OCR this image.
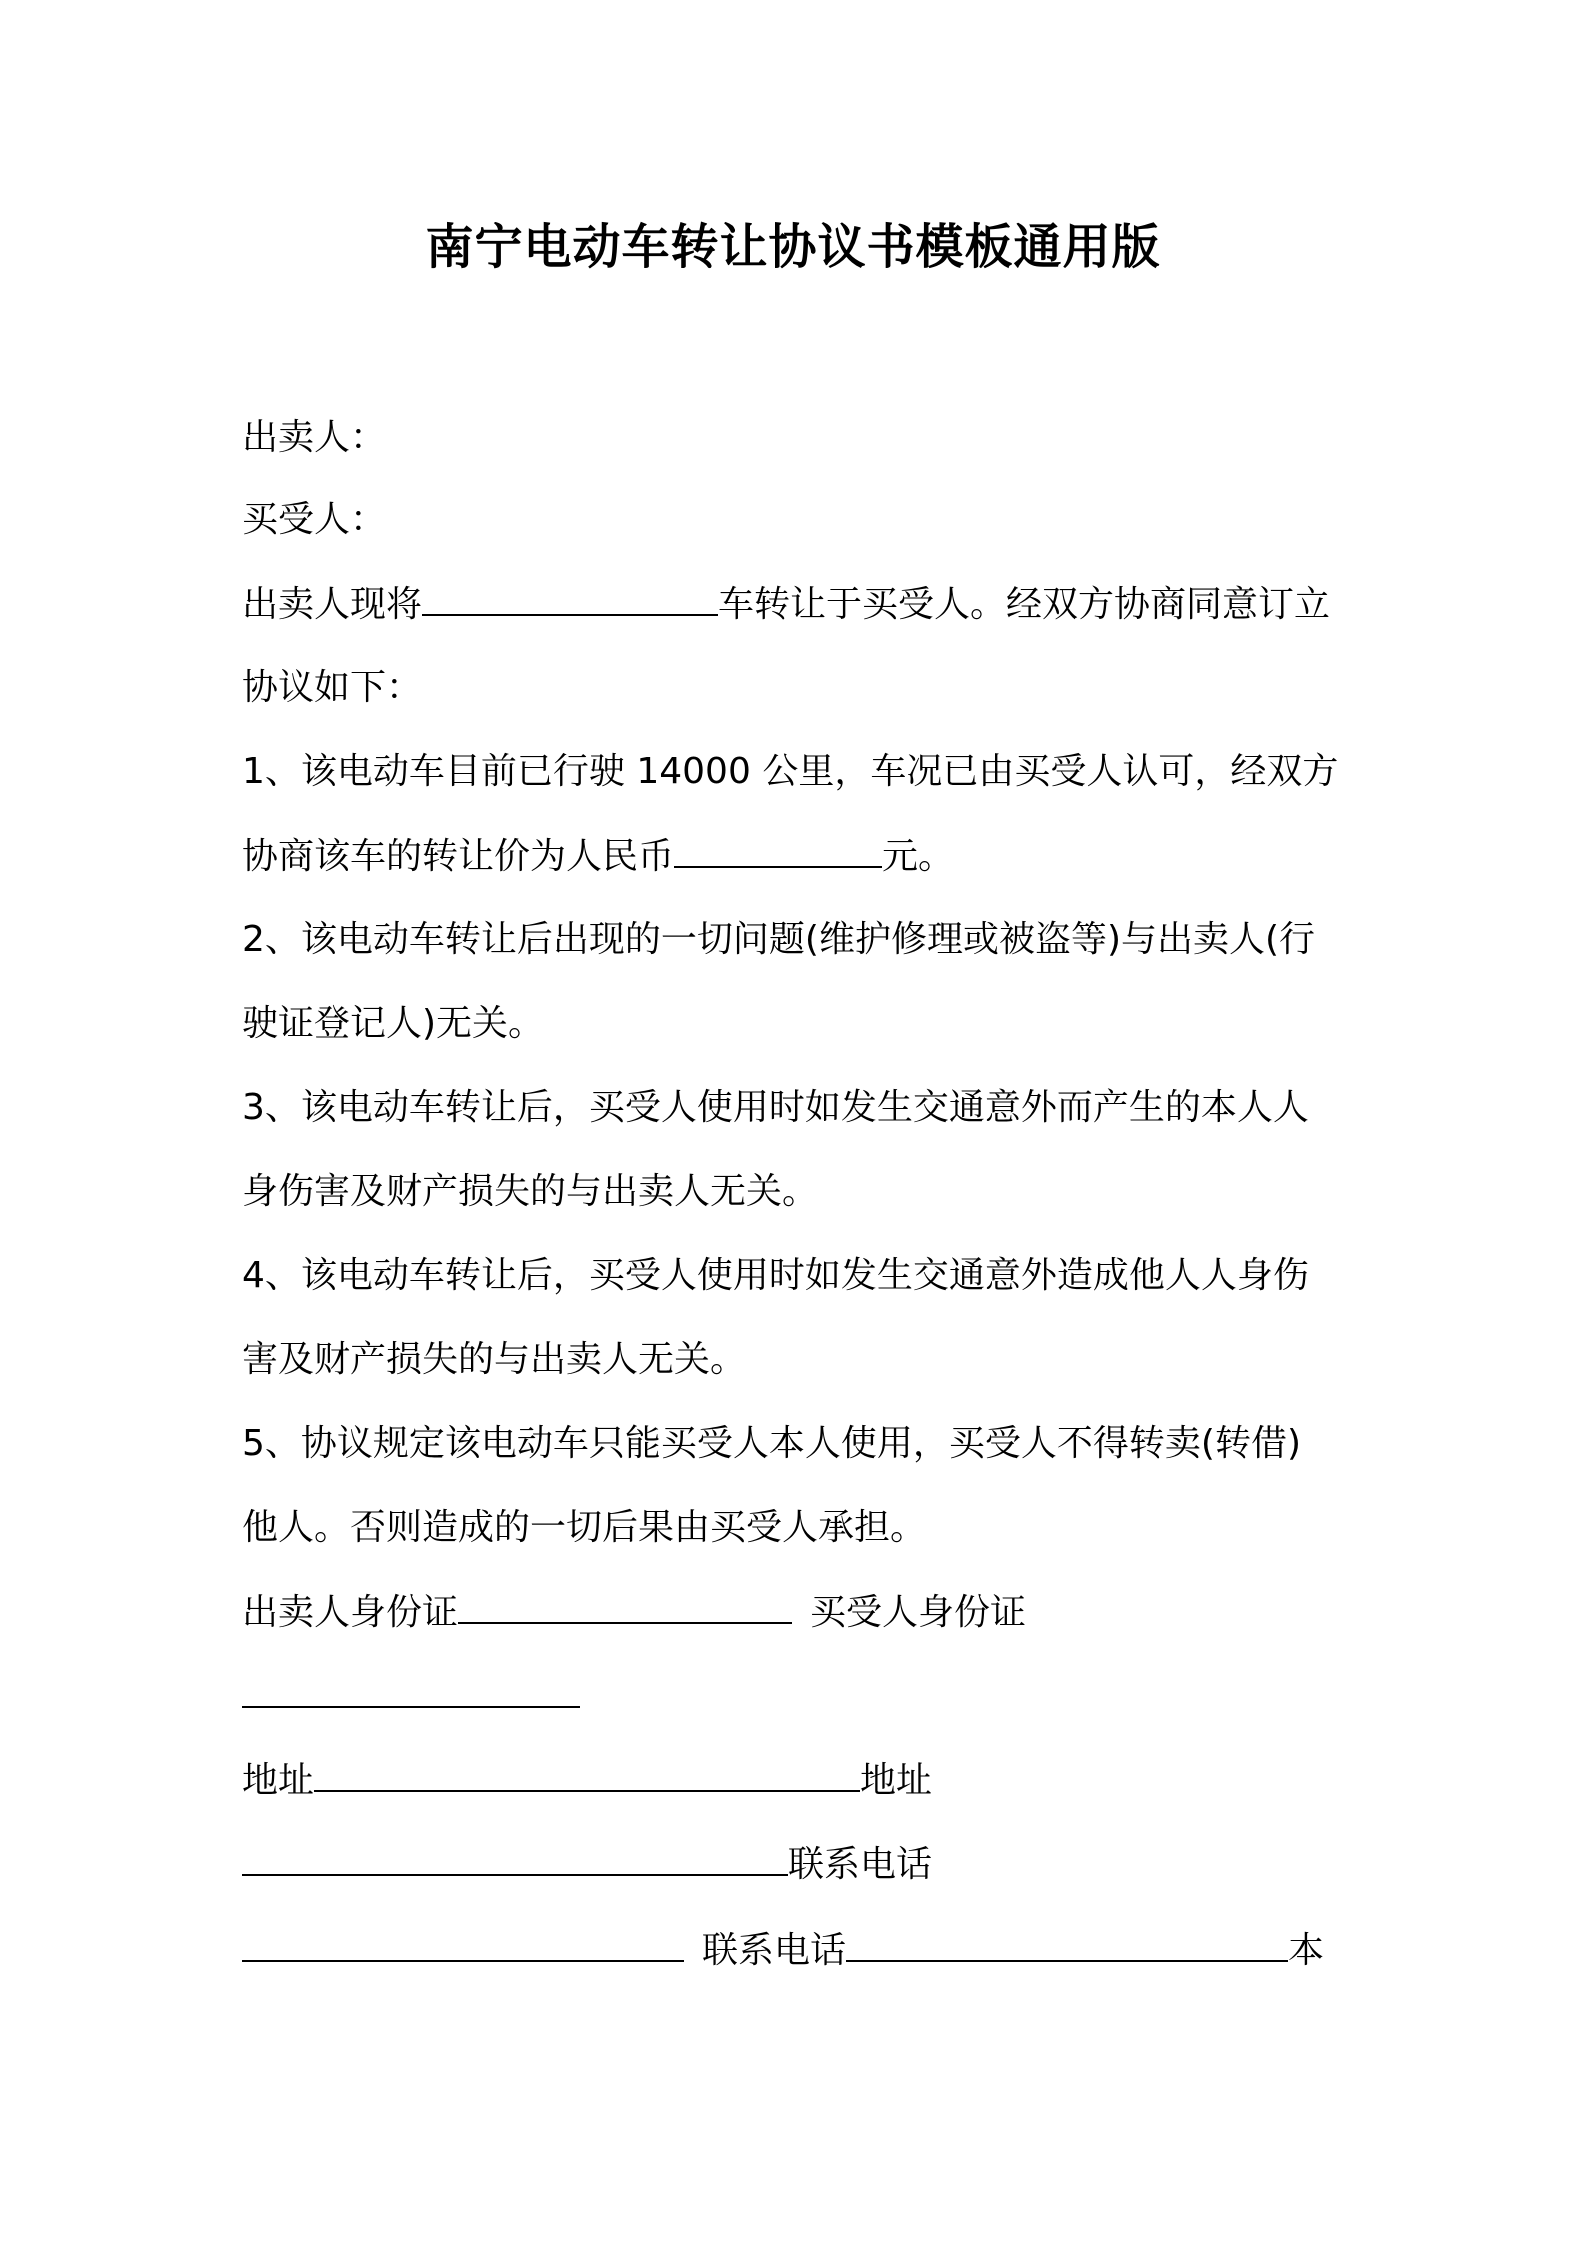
南宁电动车转让协议书模板通用版
出卖人：
买受人：
出卖人现将	车转让于买受人。经双方协商同意订立
协议如下：
1、该电动车目前已行驶 14000 公里，车况已由买受人认可，经双方
协商该车的转让价为人民币	元。
2、该电动车转让后出现的一切问题(维护修理或被盗等)与出卖人(行
驶证登记人)无关。
3、该电动车转让后，买受人使用时如发生交通意外而产生的本人人
身伤害及财产损失的与出卖人无关。
4、该电动车转让后，买受人使用时如发生交通意外造成他人人身伤
害及财产损失的与出卖人无关。
5、协议规定该电动车只能买受人本人使用，买受人不得转卖(转借)
他人。否则造成的一切后果由买受人承担。
出卖人身份证	买受人身份证
地址	地址
联系电话
联系电话	本
